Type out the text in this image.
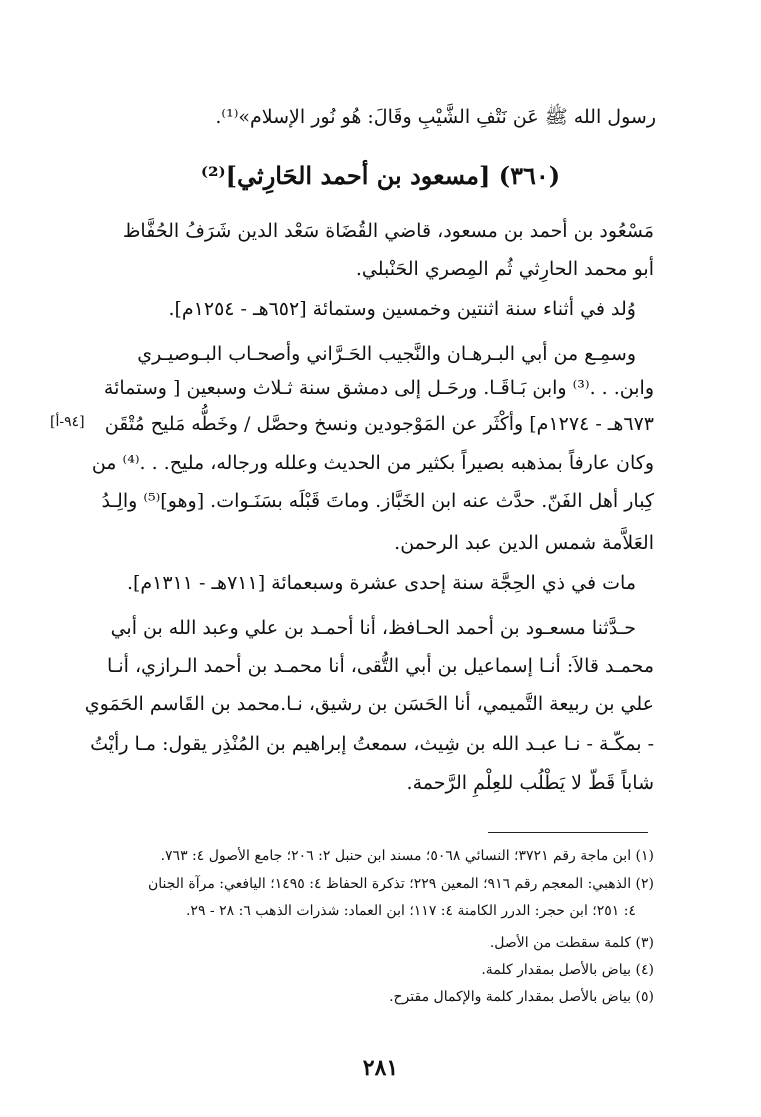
رسول الله ﷺ عَن نَتْفِ الشَّيْبِ وقَالَ: هُو نُور الإسلام»⁽¹⁾.
(٣٦٠) [مسعود بن أحمد الحَارِثي]⁽²⁾
مَسْعُود بن أحمد بن مسعود، قاضي القُضَاة سَعْد الدين شَرَفُ الحُفَّاظ
أبو محمد الحارِثي ثُم المِصري الحَنْبلي.
وُلد في أثناء سنة اثنتين وخمسين وستمائة [٦٥٢هـ - ١٢٥٤م].
وسمِـع من أبي البـرهـان والنَّجيب الحَـرَّاني وأصحـاب البـوصيـري
وابن. . .⁽³⁾ وابن بَـاقَـا. ورحَـل إلى دمشق سنة ثـلاث وسبعين [ وستمائة
٦٧٣هـ - ١٢٧٤م] وأكْثَر عن المَوْجودين ونسخ وحصَّل / وخَطُّه مَليح مُتْقَن
وكان عارفاً بمذهبه بصيراً بكثير من الحديث وعلله ورجاله، مليح. . .⁽⁴⁾ من
كِبار أهل الفَنّ. حدَّث عنه ابن الخَبَّاز. وماتَ قَبْلَه بسَنَـوات. [وهو]⁽⁵⁾ والِـدُ
العَلاَّمة شمس الدين عبد الرحمن.
مات في ذي الحِجَّة سنة إحدى عشرة وسبعمائة [٧١١هـ - ١٣١١م].
حـدَّثنا مسعـود بن أحمد الحـافظ، أنا أحمـد بن علي وعبد الله بن أبي
محمـد قالاَ: أنـا إسماعيل بن أبي التُّقى، أنا محمـد بن أحمد الـرازي، أنـا
علي بن ربيعة التَّميمي، أنا الحَسَن بن رشيق، نـا.محمد بن القَاسم الحَمَوي
- بمكّـة - نـا عبـد الله بن شِيث، سمعتُ إبراهيم بن المُنْذِر يقول: مـا رأيْتُ
شاباً قَطّ لا يَطْلُب للعِلْمِ الرَّحمة.
[٩٤-أ]
(١) ابن ماجة رقم ٣٧٢١؛ النسائي ٥٠٦٨؛ مسند ابن حنبل ٢: ٢٠٦؛ جامع الأصول ٤: ٧٦٣.
(٢) الذهبي: المعجم رقم ٩١٦؛ المعين ٢٢٩؛ تذكرة الحفاظ ٤: ١٤٩٥؛ اليافعي: مرآة الجنان
٤: ٢٥١؛ ابن حجر: الدرر الكامنة ٤: ١١٧؛ ابن العماد: شذرات الذهب ٦: ٢٨ - ٢٩.
(٣) كلمة سقطت من الأصل.
(٤) بياض بالأصل بمقدار كلمة.
(٥) بياض بالأصل بمقدار كلمة والإكمال مقترح.
٢٨١
